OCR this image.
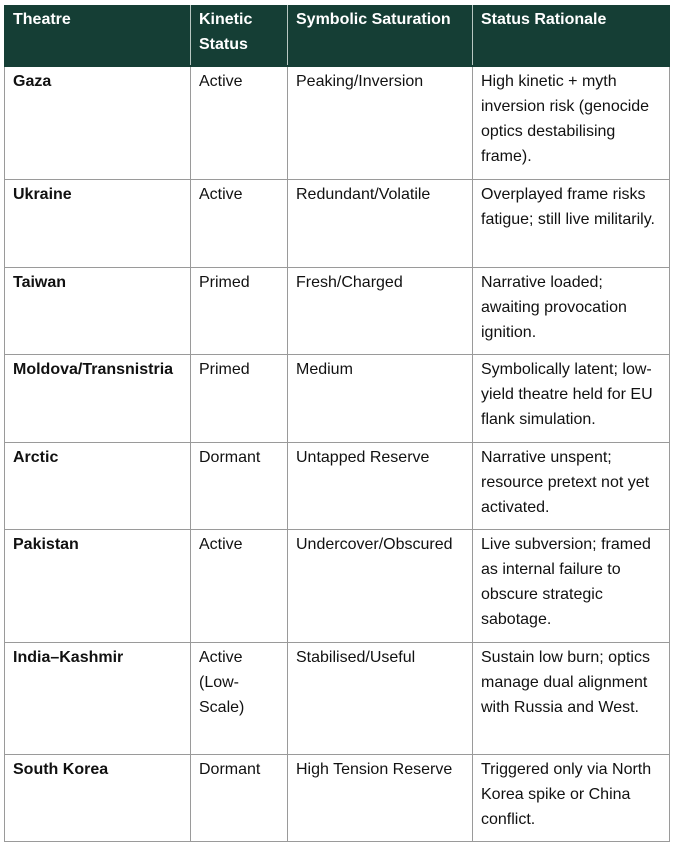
Theatre	Kinetic Status	Symbolic Saturation	Status Rationale
Gaza	Active	Peaking/Inversion	High kinetic + myth inversion risk (genocide optics destabilising frame).
Ukraine	Active	Redundant/Volatile	Overplayed frame risks fatigue; still live militarily.
Taiwan	Primed	Fresh/Charged	Narrative loaded; awaiting provocation ignition.
Moldova/Transnistria	Primed	Medium	Symbolically latent; low-yield theatre held for EU flank simulation.
Arctic	Dormant	Untapped Reserve	Narrative unspent; resource pretext not yet activated.
Pakistan	Active	Undercover/Obscured	Live subversion; framed as internal failure to obscure strategic sabotage.
India–Kashmir	Active (Low-Scale)	Stabilised/Useful	Sustain low burn; optics manage dual alignment with Russia and West.
South Korea	Dormant	High Tension Reserve	Triggered only via North Korea spike or China conflict.
